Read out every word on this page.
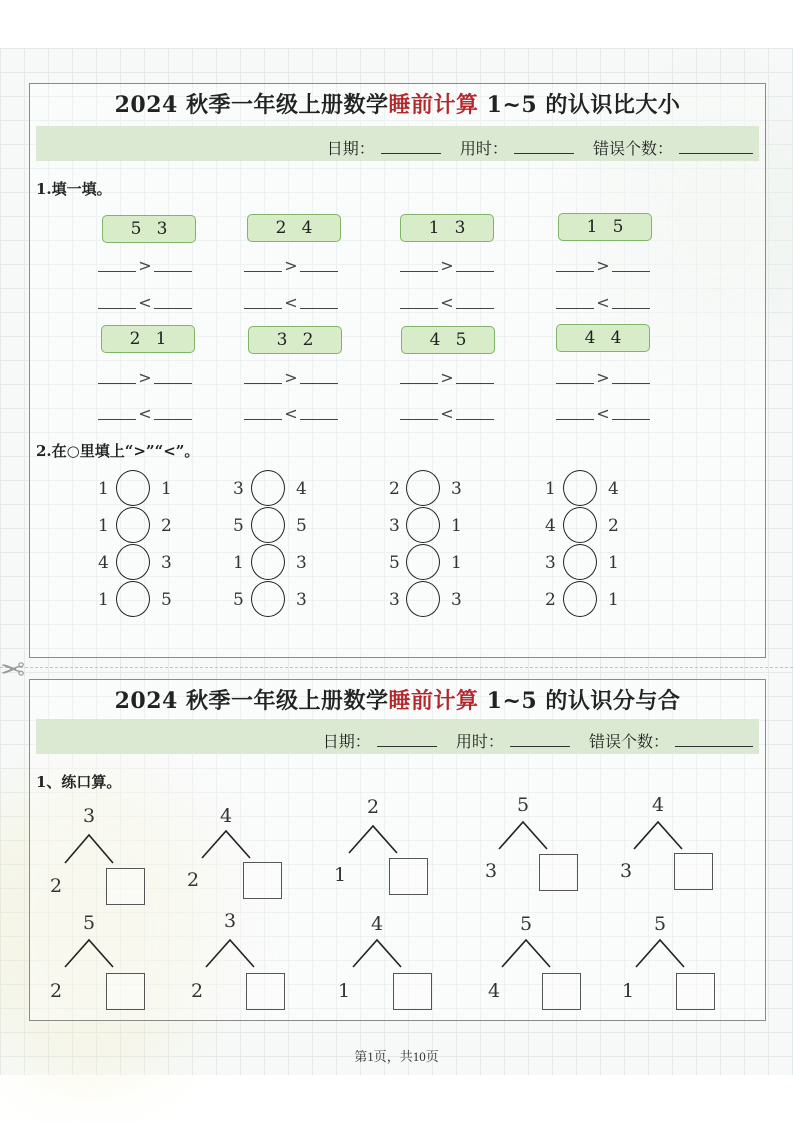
2024 秋季一年级上册数学睡前计算 1~5 的认识比大小
日期：	用时：	错误个数：
1.填一填。
5 3	2 4	1 3	1 5
>	>	>	>
<	<	<	<
2 1	3 2	4 5	4 4
>	>	>	>
<	<	<	<
2.在○里填上“>”“<”。
1	1
1	2
4	3
1	5
3	4
5	5
1	3
5	3
2	3
3	1
5	1
3	3
1	4
4	2
3	1
2	1
✂
2024 秋季一年级上册数学睡前计算 1~5 的认识分与合
日期：	用时：	错误个数：
1、练口算。
3
2
4
2
2
1
5
3
4
3
5
2
3
2
4
1
5
4
5
1
第1页，共10页
